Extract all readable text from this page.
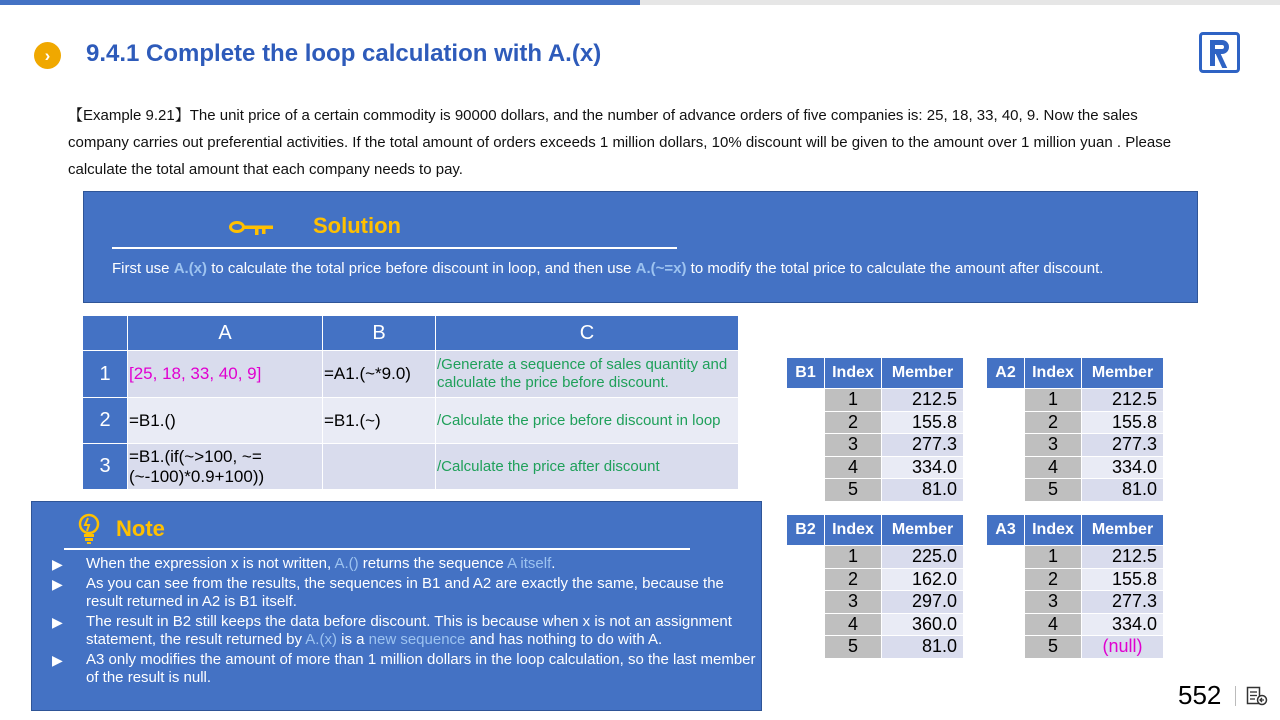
›	9.4.1 Complete the loop calculation with A.(x)
【Example 9.21】The unit price of a certain commodity is 90000 dollars, and the number of advance orders of five companies is: 25, 18, 33, 40, 9. Now the sales company carries out preferential activities. If the total amount of orders exceeds 1 million dollars, 10% discount will be given to the amount over 1 million yuan . Please calculate the total amount that each company needs to pay.
Solution
First use A.(x) to calculate the total price before discount in loop, and then use A.(~=x) to modify the total price to calculate the amount after discount.
	A	B	C
1	[25, 18, 33, 40, 9]	=A1.(~*9.0)	/Generate a sequence of sales quantity and calculate the price before discount.
2	=B1.()	=B1.(~)	/Calculate the price before discount in loop
3	=B1.(if(~>100, ~=(~-100)*0.9+100))		/Calculate the price after discount
B1	Index	Member
	1	212.5
	2	155.8
	3	277.3
	4	334.0
	5	81.0
A2	Index	Member
	1	212.5
	2	155.8
	3	277.3
	4	334.0
	5	81.0
B2	Index	Member
	1	225.0
	2	162.0
	3	297.0
	4	360.0
	5	81.0
A3	Index	Member
	1	212.5
	2	155.8
	3	277.3
	4	334.0
	5	(null)
Note
▶ When the expression x is not written, A.() returns the sequence A itself.
▶ As you can see from the results, the sequences in B1 and A2 are exactly the same, because the result returned in A2 is B1 itself.
▶ The result in B2 still keeps the data before discount. This is because when x is not an assignment statement, the result returned by A.(x) is a new sequence and has nothing to do with A.
▶ A3 only modifies the amount of more than 1 million dollars in the loop calculation, so the last member of the result is null.
552
